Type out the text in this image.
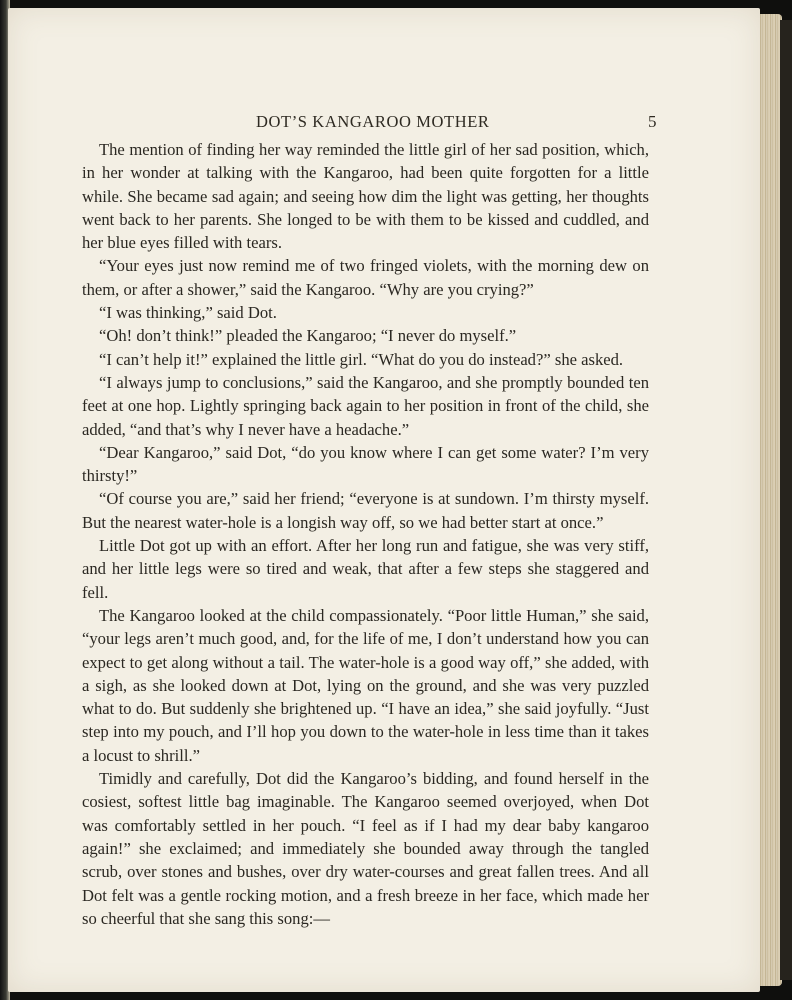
DOT’S KANGAROO MOTHER	5

The mention of finding her way reminded the little girl of her sad position, which, in her wonder at talking with the Kangaroo, had been quite forgotten for a little while. She became sad again; and seeing how dim the light was getting, her thoughts went back to her parents. She longed to be with them to be kissed and cuddled, and her blue eyes filled with tears.

“Your eyes just now remind me of two fringed violets, with the morning dew on them, or after a shower,” said the Kangaroo. “Why are you crying?”

“I was thinking,” said Dot.

“Oh! don’t think!” pleaded the Kangaroo; “I never do myself.”

“I can’t help it!” explained the little girl. “What do you do instead?” she asked.

“I always jump to conclusions,” said the Kangaroo, and she promptly bounded ten feet at one hop. Lightly springing back again to her position in front of the child, she added, “and that’s why I never have a headache.”

“Dear Kangaroo,” said Dot, “do you know where I can get some water? I’m very thirsty!”

“Of course you are,” said her friend; “everyone is at sundown. I’m thirsty myself. But the nearest water-hole is a longish way off, so we had better start at once.”

Little Dot got up with an effort. After her long run and fatigue, she was very stiff, and her little legs were so tired and weak, that after a few steps she staggered and fell.

The Kangaroo looked at the child compassionately. “Poor little Human,” she said, “your legs aren’t much good, and, for the life of me, I don’t understand how you can expect to get along without a tail. The water-hole is a good way off,” she added, with a sigh, as she looked down at Dot, lying on the ground, and she was very puzzled what to do. But suddenly she brightened up. “I have an idea,” she said joyfully. “Just step into my pouch, and I’ll hop you down to the water-hole in less time than it takes a locust to shrill.”

Timidly and carefully, Dot did the Kangaroo’s bidding, and found herself in the cosiest, softest little bag imaginable. The Kangaroo seemed overjoyed, when Dot was comfortably settled in her pouch. “I feel as if I had my dear baby kangaroo again!” she exclaimed; and immediately she bounded away through the tangled scrub, over stones and bushes, over dry water-courses and great fallen trees. And all Dot felt was a gentle rocking motion, and a fresh breeze in her face, which made her so cheerful that she sang this song:—
